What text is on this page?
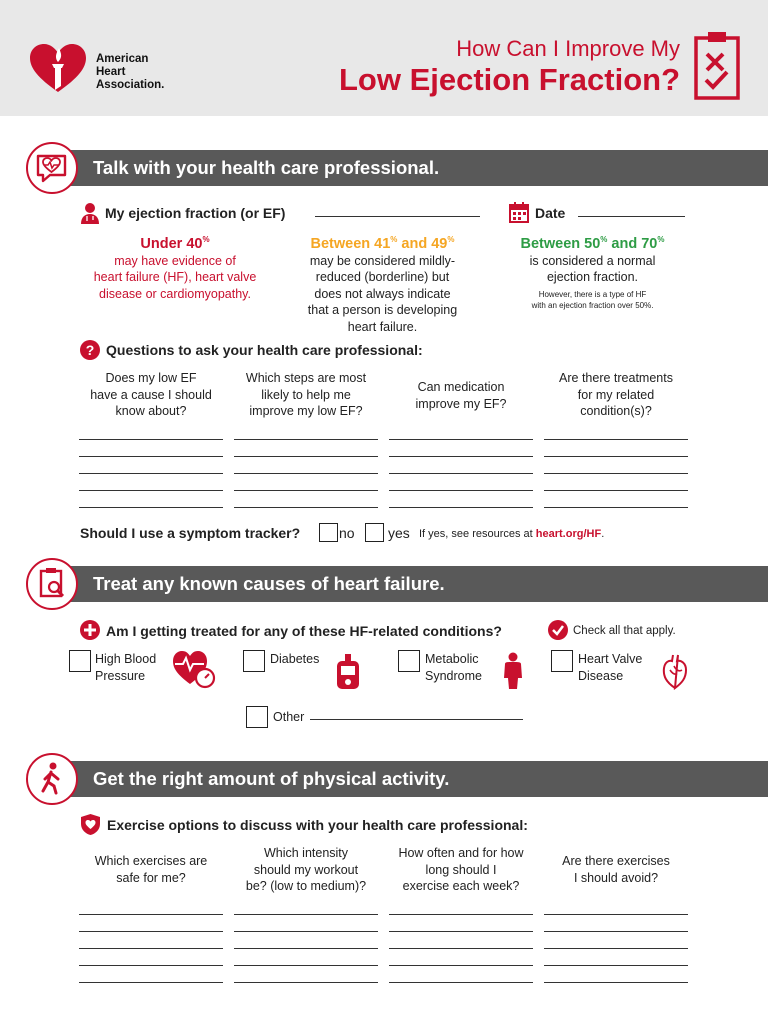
American
Heart
Association.
How Can I Improve My
Low Ejection Fraction?
Talk with your health care professional.
My ejection fraction (or EF)	Date
Under 40%
may have evidence of
heart failure (HF), heart valve
disease or cardiomyopathy.
Between 41% and 49%
may be considered mildly-
reduced (borderline) but
does not always indicate
that a person is developing
heart failure.
Between 50% and 70%
is considered a normal
ejection fraction.
However, there is a type of HF
with an ejection fraction over 50%.
? Questions to ask your health care professional:
Does my low EF
have a cause I should
know about?
Which steps are most
likely to help me
improve my low EF?
Can medication
improve my EF?
Are there treatments
for my related
condition(s)?
Should I use a symptom tracker?	no yes If yes, see resources at heart.org/HF.
Treat any known causes of heart failure.
Am I getting treated for any of these HF-related conditions?	Check all that apply.
High Blood
Pressure
Diabetes	Metabolic
Syndrome
Heart Valve
Disease
Other
Get the right amount of physical activity.
Exercise options to discuss with your health care professional:
Which exercises are
safe for me?
Which intensity
should my workout
be? (low to medium)?
How often and for how
long should I
exercise each week?
Are there exercises
I should avoid?
